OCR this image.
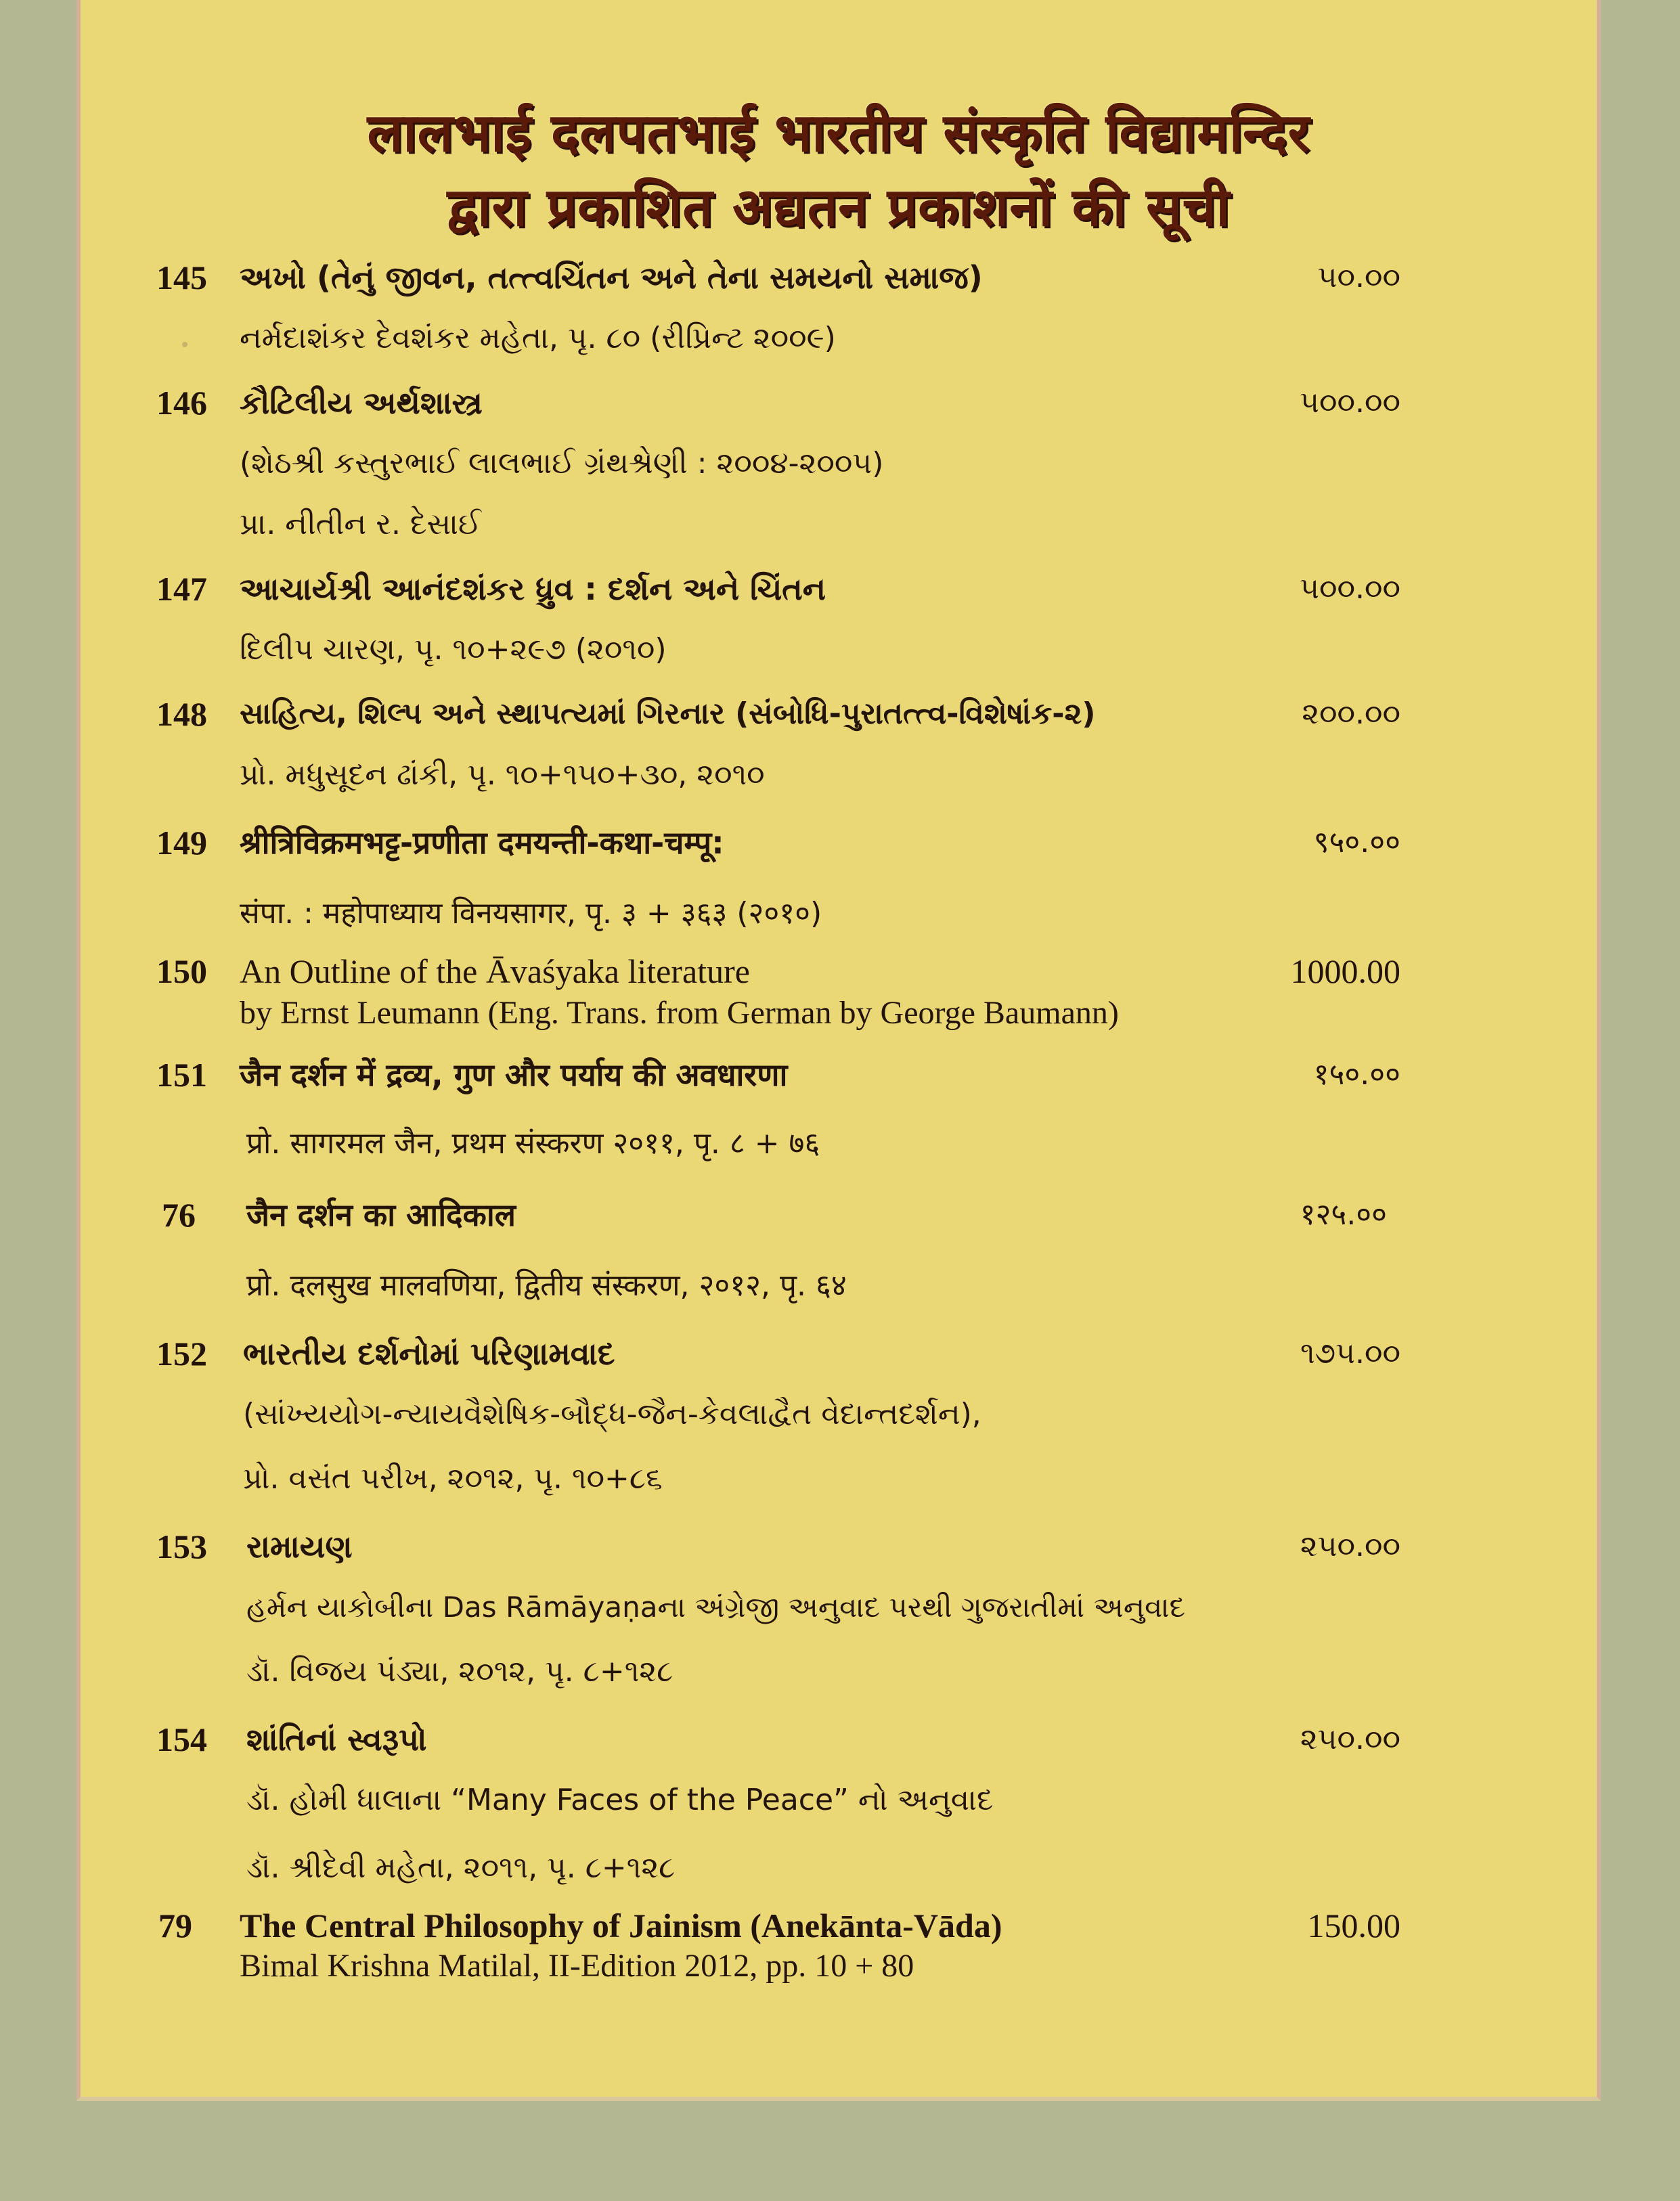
लालभाई दलपतभाई भारतीय संस्कृति विद्यामन्दिर
द्वारा प्रकाशित अद्यतन प्रकाशनों की सूची
145 અખો (તેનું જીવન, તત્ત્વચિંતન અને તેના સમયનો સમાજ)	૫૦.૦૦
નર્મદાશંકર દેવશંકર મહેતા, પૃ. ૮૦ (રીપ્રિન્ટ ૨૦૦૯)
146 કૌટિલીય અર્થશાસ્ત્ર	૫૦૦.૦૦
(શેઠશ્રી કસ્તુરભાઈ લાલભાઈ ગ્રંથશ્રેણી : ૨૦૦૪-૨૦૦૫)
પ્રા. નીતીન ર. દેસાઈ
147 આચાર્યશ્રી આનંદશંકર ધ્રુવ : દર્શન અને ચિંતન	૫૦૦.૦૦
દિલીપ ચારણ, પૃ. ૧૦+૨૯૭ (૨૦૧૦)
148 સાહિત્ય, શિલ્પ અને સ્થાપત્યમાં ગિરનાર (સંબોધિ-પુરાતત્ત્વ-વિશેષાંક-૨)	૨૦૦.૦૦
પ્રો. મધુસૂદન ઢાંકી, પૃ. ૧૦+૧૫૦+૩૦, ૨૦૧૦
149 श्रीत्रिविक्रमभट्ट-प्रणीता दमयन्ती-कथा-चम्पू:	९५०.००
संपा. : महोपाध्याय विनयसागर, पृ. ३ + ३६३ (२०१०)
150 An Outline of the Āvaśyaka literature	1000.00
by Ernst Leumann (Eng. Trans. from German by George Baumann)
151 जैन दर्शन में द्रव्य, गुण और पर्याय की अवधारणा	१५०.००
प्रो. सागरमल जैन, प्रथम संस्करण २०११, पृ. ८ + ७६
76 जैन दर्शन का आदिकाल	१२५.००
प्रो. दलसुख मालवणिया, द्वितीय संस्करण, २०१२, पृ. ६४
152 ભારતીય દર્શનોમાં પરિણામવાદ	૧૭૫.૦૦
(સાંખ્યયોગ-ન્યાયવૈશેષિક-બૌદ્ધ-જૈન-કેવલાદ્વૈત વેદાન્તદર્શન),
પ્રો. વસંત પરીખ, ૨૦૧૨, પૃ. ૧૦+૮૬
153 રામાયણ	૨૫૦.૦૦
હર્મન યાકોબીના Das Rāmāyaṇaના અંગ્રેજી અનુવાદ પરથી ગુજરાતીમાં અનુવાદ
ડૉ. વિજય પંડ્યા, ૨૦૧૨, પૃ. ૮+૧૨૮
154 શાંતિનાં સ્વરૂપો	૨૫૦.૦૦
ડૉ. હોમી ધાલાના “Many Faces of the Peace” નો અનુવાદ
ડૉ. શ્રીદેવી મહેતા, ૨૦૧૧, પૃ. ૮+૧૨૮
79 The Central Philosophy of Jainism (Anekānta-Vāda)	150.00
Bimal Krishna Matilal, II-Edition 2012, pp. 10 + 80
